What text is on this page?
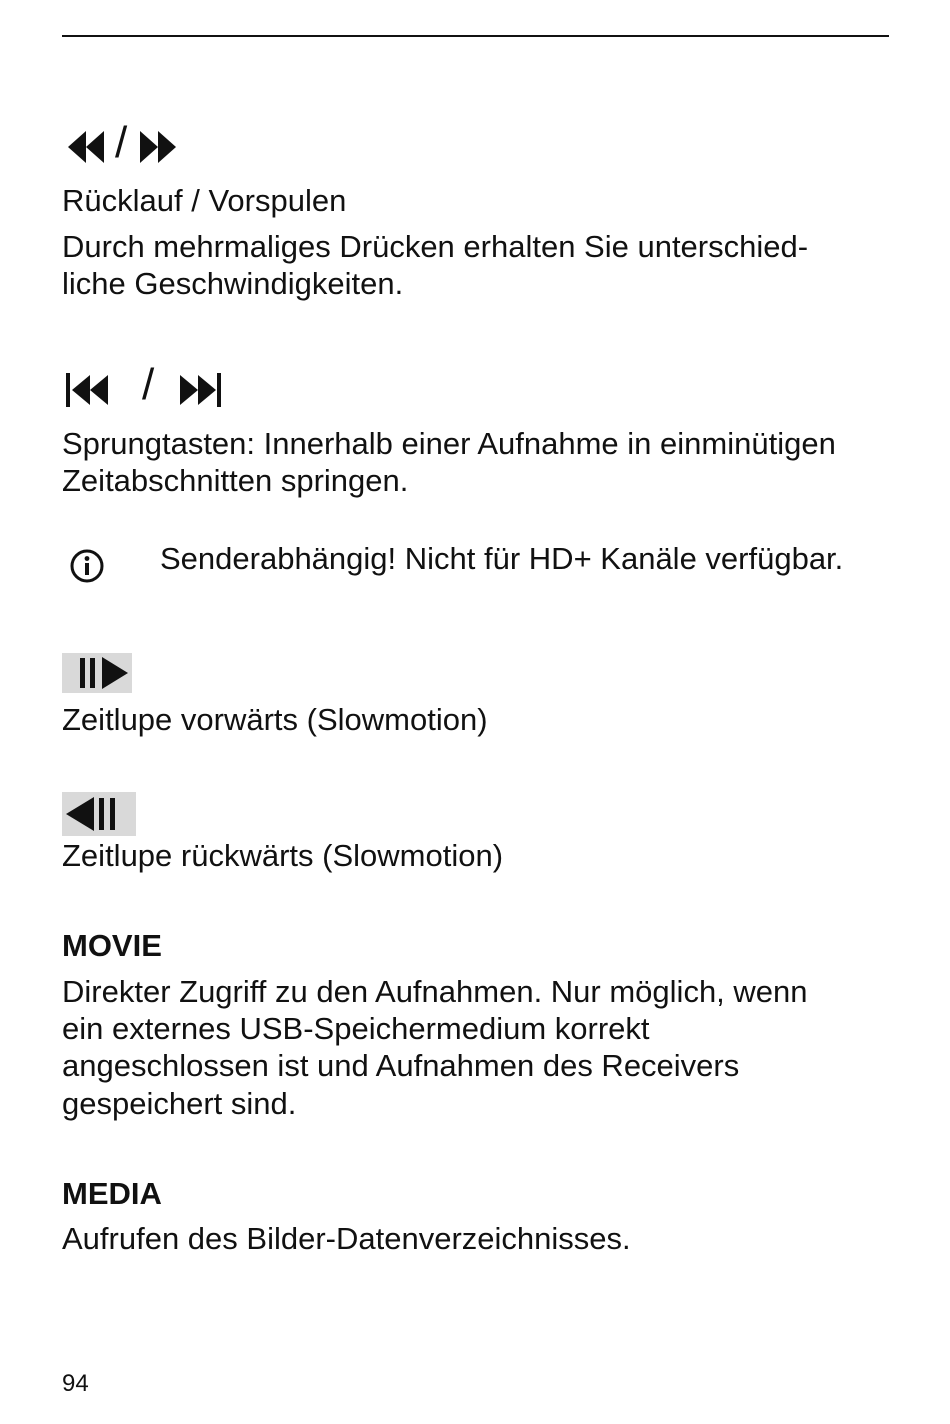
/

Rücklauf / Vorspulen

Durch mehrmaliges Drücken erhalten Sie unterschied-

liche Geschwindigkeiten.

/

Sprungtasten: Innerhalb einer Aufnahme in einminütigen

Zeitabschnitten springen.

Senderabhängig! Nicht für HD+ Kanäle verfügbar.

Zeitlupe vorwärts (Slowmotion)

Zeitlupe rückwärts (Slowmotion)

MOVIE

Direkter Zugriff zu den Aufnahmen. Nur möglich, wenn

ein externes USB-Speichermedium korrekt

angeschlossen ist und Aufnahmen des Receivers

gespeichert sind.

MEDIA

Aufrufen des Bilder-Datenverzeichnisses.

94
